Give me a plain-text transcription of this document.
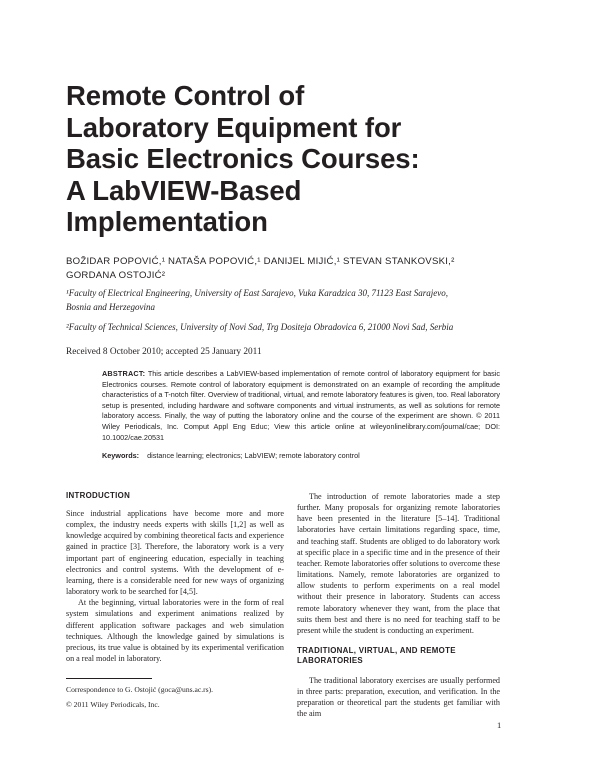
Remote Control of
Laboratory Equipment for
Basic Electronics Courses:
A LabVIEW-Based
Implementation
BOŽIDAR POPOVIĆ,¹ NATAŠA POPOVIĆ,¹ DANIJEL MIJIĆ,¹ STEVAN STANKOVSKI,²
GORDANA OSTOJIĆ²
¹Faculty of Electrical Engineering, University of East Sarajevo, Vuka Karadzica 30, 71123 East Sarajevo,
Bosnia and Herzegovina
²Faculty of Technical Sciences, University of Novi Sad, Trg Dositeja Obradovica 6, 21000 Novi Sad, Serbia
Received 8 October 2010; accepted 25 January 2011
ABSTRACT: This article describes a LabVIEW-based implementation of remote control of laboratory equipment for basic Electronics courses. Remote control of laboratory equipment is demonstrated on an example of recording the amplitude characteristics of a T-notch filter. Overview of traditional, virtual, and remote laboratory features is given, too. Real laboratory setup is presented, including hardware and software components and virtual instruments, as well as solutions for remote laboratory access. Finally, the way of putting the laboratory online and the course of the experiment are shown. © 2011 Wiley Periodicals, Inc. Comput Appl Eng Educ; View this article online at wileyonlinelibrary.com/journal/cae; DOI: 10.1002/cae.20531
Keywords: distance learning; electronics; LabVIEW; remote laboratory control
INTRODUCTION

Since industrial applications have become more and more complex, the industry needs experts with skills [1,2] as well as knowledge acquired by combining theoretical facts and experience gained in practice [3]. Therefore, the laboratory work is a very important part of engineering education, especially in teaching electronics and control systems. With the development of e-learning, there is a considerable need for new ways of organizing laboratory work to be searched for [4,5].

At the beginning, virtual laboratories were in the form of real system simulations and experiment animations realized by different application software packages and web simulation techniques. Although the knowledge gained by simulations is precious, its true value is obtained by its experimental verification on a real model in laboratory.

The introduction of remote laboratories made a step further. Many proposals for organizing remote laboratories have been presented in the literature [5–14]. Traditional laboratories have certain limitations regarding space, time, and teaching staff. Students are obliged to do laboratory work at specific place in a specific time and in the presence of their teacher. Remote laboratories offer solutions to overcome these limitations. Namely, remote laboratories are organized to allow students to perform experiments on a real model without their presence in laboratory. Students can access remote laboratory whenever they want, from the place that suits them best and there is no need for teaching staff to be present while the student is conducting an experiment.

TRADITIONAL, VIRTUAL, AND REMOTE LABORATORIES

The traditional laboratory exercises are usually performed in three parts: preparation, execution, and verification. In the preparation or theoretical part the students get familiar with the aim

Correspondence to G. Ostojić (goca@uns.ac.rs).
© 2011 Wiley Periodicals, Inc.
1
